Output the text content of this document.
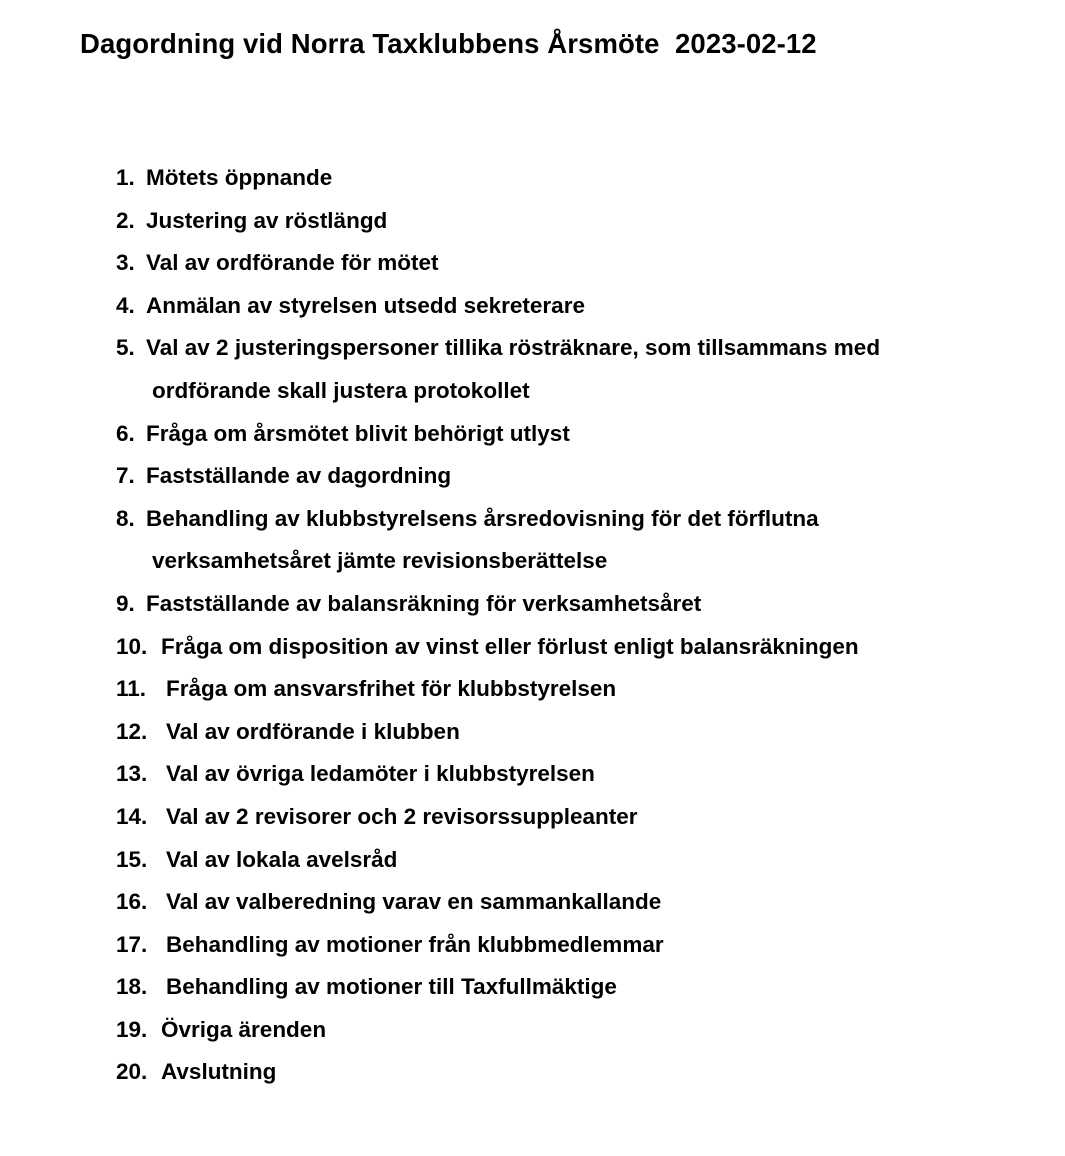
Dagordning vid Norra Taxklubbens Årsmöte  2023-02-12
1. Mötets öppnande
2. Justering av röstlängd
3. Val av ordförande för mötet
4. Anmälan av styrelsen utsedd sekreterare
5. Val av 2 justeringspersoner tillika rösträknare, som tillsammans med
ordförande skall justera protokollet
6. Fråga om årsmötet blivit behörigt utlyst
7. Fastställande av dagordning
8. Behandling av klubbstyrelsens årsredovisning för det förflutna
verksamhetsåret jämte revisionsberättelse
9. Fastställande av balansräkning för verksamhetsåret
10. Fråga om disposition av vinst eller förlust enligt balansräkningen
11. Fråga om ansvarsfrihet för klubbstyrelsen
12. Val av ordförande i klubben
13. Val av övriga ledamöter i klubbstyrelsen
14. Val av 2 revisorer och 2 revisorssuppleanter
15. Val av lokala avelsråd
16. Val av valberedning varav en sammankallande
17. Behandling av motioner från klubbmedlemmar
18. Behandling av motioner till Taxfullmäktige
19. Övriga ärenden
20. Avslutning
